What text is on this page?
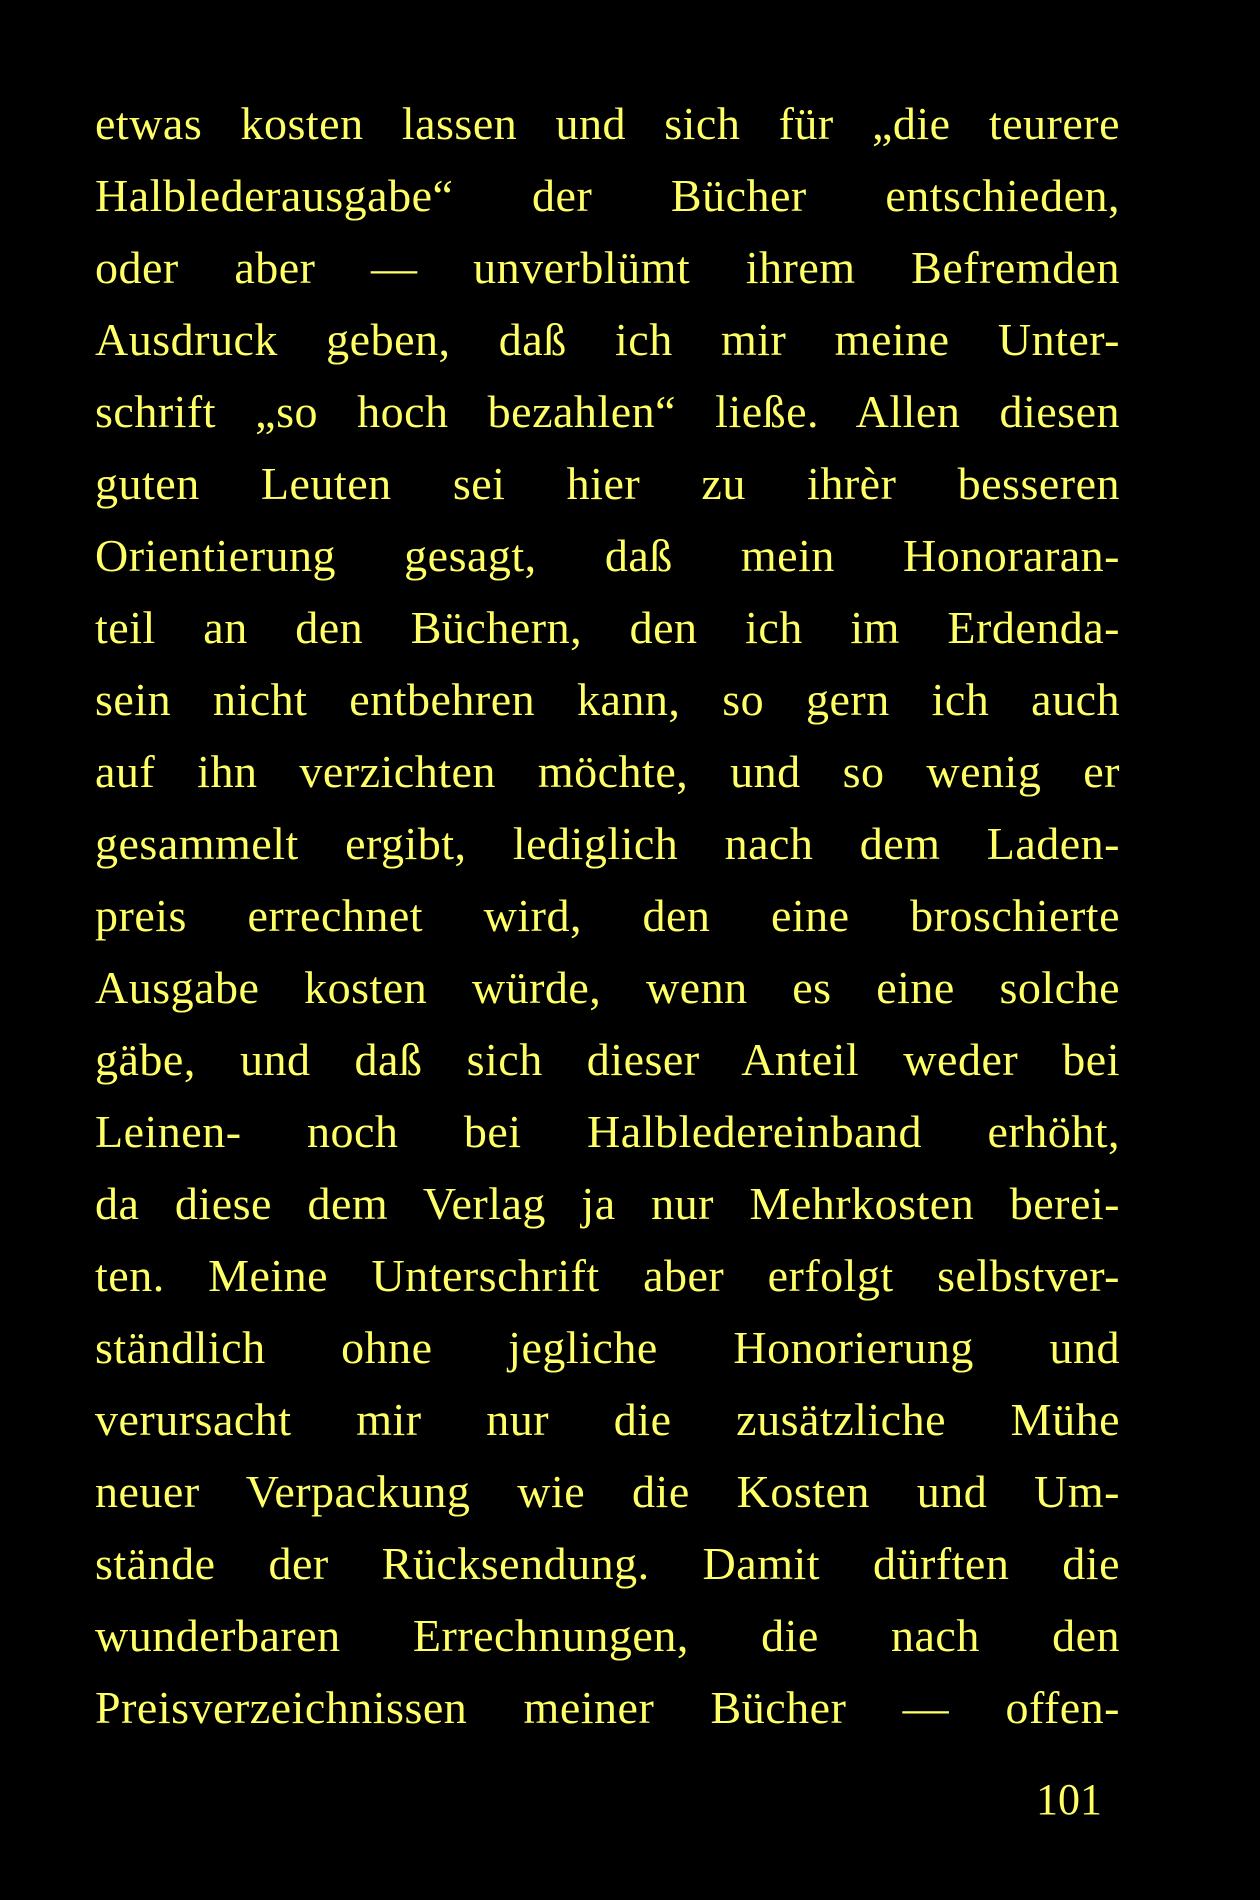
etwas kosten lassen und sich für „die teurere
Halblederausgabe“ der Bücher entschieden,
oder aber — unverblümt ihrem Befremden
Ausdruck geben, daß ich mir meine Unter-
schrift „so hoch bezahlen“ ließe. Allen diesen
guten Leuten sei hier zu ihrèr besseren
Orientierung gesagt, daß mein Honoraran-
teil an den Büchern, den ich im Erdenda-
sein nicht entbehren kann, so gern ich auch
auf ihn verzichten möchte, und so wenig er
gesammelt ergibt, lediglich nach dem Laden-
preis errechnet wird, den eine broschierte
Ausgabe kosten würde, wenn es eine solche
gäbe, und daß sich dieser Anteil weder bei
Leinen- noch bei Halbledereinband erhöht,
da diese dem Verlag ja nur Mehrkosten berei-
ten. Meine Unterschrift aber erfolgt selbstver-
ständlich ohne jegliche Honorierung und
verursacht mir nur die zusätzliche Mühe
neuer Verpackung wie die Kosten und Um-
stände der Rücksendung. Damit dürften die
wunderbaren Errechnungen, die nach den
Preisverzeichnissen meiner Bücher — offen-
101
